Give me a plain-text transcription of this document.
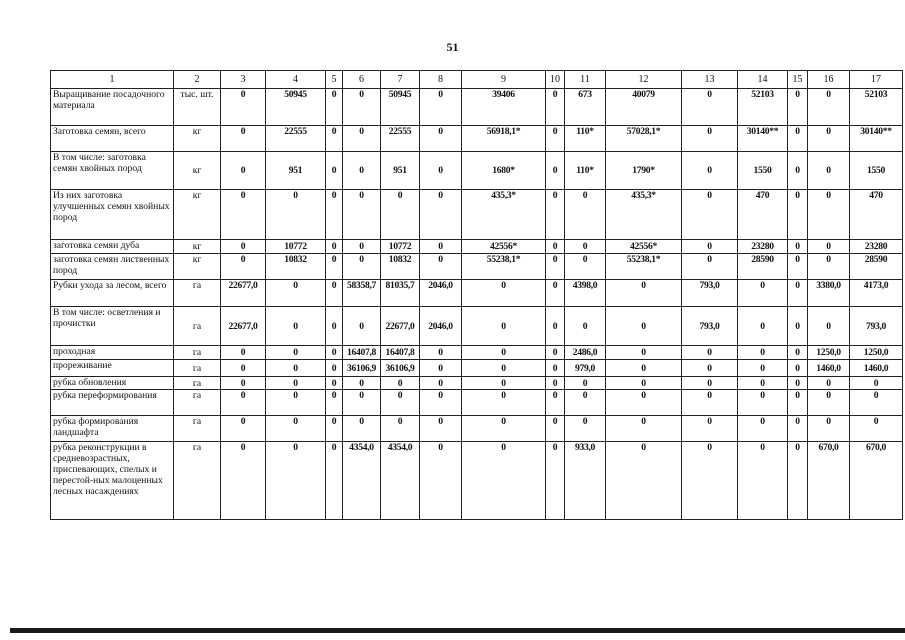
51
1	2	3	4	5	6	7	8	9	10	11	12	13	14	15	16	17
Выращивание посадочного материала	тыс. шт.	0	50945	0	0	50945	0	39406	0	673	40079	0	52103	0	0	52103
Заготовка семян, всего	кг	0	22555	0	0	22555	0	56918,1*	0	110*	57028,1*	0	30140**	0	0	30140**
В том числе: заготовка семян хвойных пород	кг	0	951	0	0	951	0	1680*	0	110*	1790*	0	1550	0	0	1550
Из них заготовка улучшенных семян хвойных пород	кг	0	0	0	0	0	0	435,3*	0	0	435,3*	0	470	0	0	470
заготовка семян дуба	кг	0	10772	0	0	10772	0	42556*	0	0	42556*	0	23280	0	0	23280
заготовка семян лиственных пород	кг	0	10832	0	0	10832	0	55238,1*	0	0	55238,1*	0	28590	0	0	28590
Рубки ухода за лесом, всего	га	22677,0	0	0	58358,7	81035,7	2046,0	0	0	4398,0	0	793,0	0	0	3380,0	4173,0
В том числе: осветления и прочистки	га	22677,0	0	0	0	22677,0	2046,0	0	0	0	0	793,0	0	0	0	793,0
проходная	га	0	0	0	16407,8	16407,8	0	0	0	2486,0	0	0	0	0	1250,0	1250,0
прореживание	га	0	0	0	36106,9	36106,9	0	0	0	979,0	0	0	0	0	1460,0	1460,0
рубка обновления	га	0	0	0	0	0	0	0	0	0	0	0	0	0	0	0
рубка переформирования	га	0	0	0	0	0	0	0	0	0	0	0	0	0	0	0
рубка формирования ландшафта	га	0	0	0	0	0	0	0	0	0	0	0	0	0	0	0
рубка реконструкции в средневозрастных, приспевающих, спелых и перестой-ных малоценных лесных насаждениях	га	0	0	0	4354,0	4354,0	0	0	0	933,0	0	0	0	0	670,0	670,0
